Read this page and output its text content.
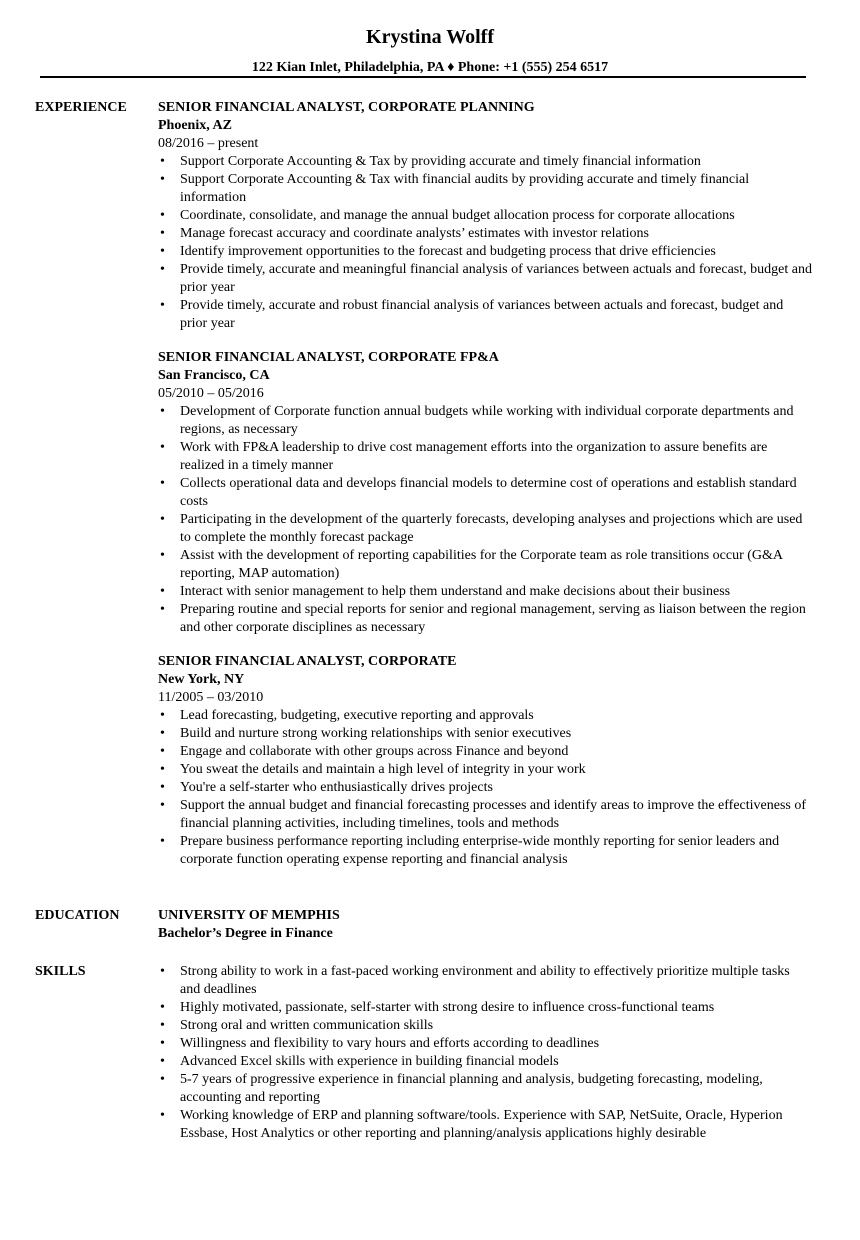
Krystina Wolff
122 Kian Inlet, Philadelphia, PA ♦ Phone: +1 (555) 254 6517
EXPERIENCE SENIOR FINANCIAL ANALYST, CORPORATE PLANNING
Phoenix, AZ
08/2016 – present
• Support Corporate Accounting & Tax by providing accurate and timely financial information
• Support Corporate Accounting & Tax with financial audits by providing accurate and timely financial information
• Coordinate, consolidate, and manage the annual budget allocation process for corporate allocations
• Manage forecast accuracy and coordinate analysts’ estimates with investor relations
• Identify improvement opportunities to the forecast and budgeting process that drive efficiencies
• Provide timely, accurate and meaningful financial analysis of variances between actuals and forecast, budget and prior year
• Provide timely, accurate and robust financial analysis of variances between actuals and forecast, budget and prior year
SENIOR FINANCIAL ANALYST, CORPORATE FP&A
San Francisco, CA
05/2010 – 05/2016
• Development of Corporate function annual budgets while working with individual corporate departments and regions, as necessary
• Work with FP&A leadership to drive cost management efforts into the organization to assure benefits are realized in a timely manner
• Collects operational data and develops financial models to determine cost of operations and establish standard costs
• Participating in the development of the quarterly forecasts, developing analyses and projections which are used to complete the monthly forecast package
• Assist with the development of reporting capabilities for the Corporate team as role transitions occur (G&A reporting, MAP automation)
• Interact with senior management to help them understand and make decisions about their business
• Preparing routine and special reports for senior and regional management, serving as liaison between the region and other corporate disciplines as necessary
SENIOR FINANCIAL ANALYST, CORPORATE
New York, NY
11/2005 – 03/2010
• Lead forecasting, budgeting, executive reporting and approvals
• Build and nurture strong working relationships with senior executives
• Engage and collaborate with other groups across Finance and beyond
• You sweat the details and maintain a high level of integrity in your work
• You're a self-starter who enthusiastically drives projects
• Support the annual budget and financial forecasting processes and identify areas to improve the effectiveness of financial planning activities, including timelines, tools and methods
• Prepare business performance reporting including enterprise-wide monthly reporting for senior leaders and corporate function operating expense reporting and financial analysis
EDUCATION	UNIVERSITY OF MEMPHIS
Bachelor’s Degree in Finance
SKILLS	• Strong ability to work in a fast-paced working environment and ability to effectively prioritize multiple tasks and deadlines
• Highly motivated, passionate, self-starter with strong desire to influence cross-functional teams
• Strong oral and written communication skills
• Willingness and flexibility to vary hours and efforts according to deadlines
• Advanced Excel skills with experience in building financial models
• 5-7 years of progressive experience in financial planning and analysis, budgeting forecasting, modeling, accounting and reporting
• Working knowledge of ERP and planning software/tools. Experience with SAP, NetSuite, Oracle, Hyperion Essbase, Host Analytics or other reporting and planning/analysis applications highly desirable
